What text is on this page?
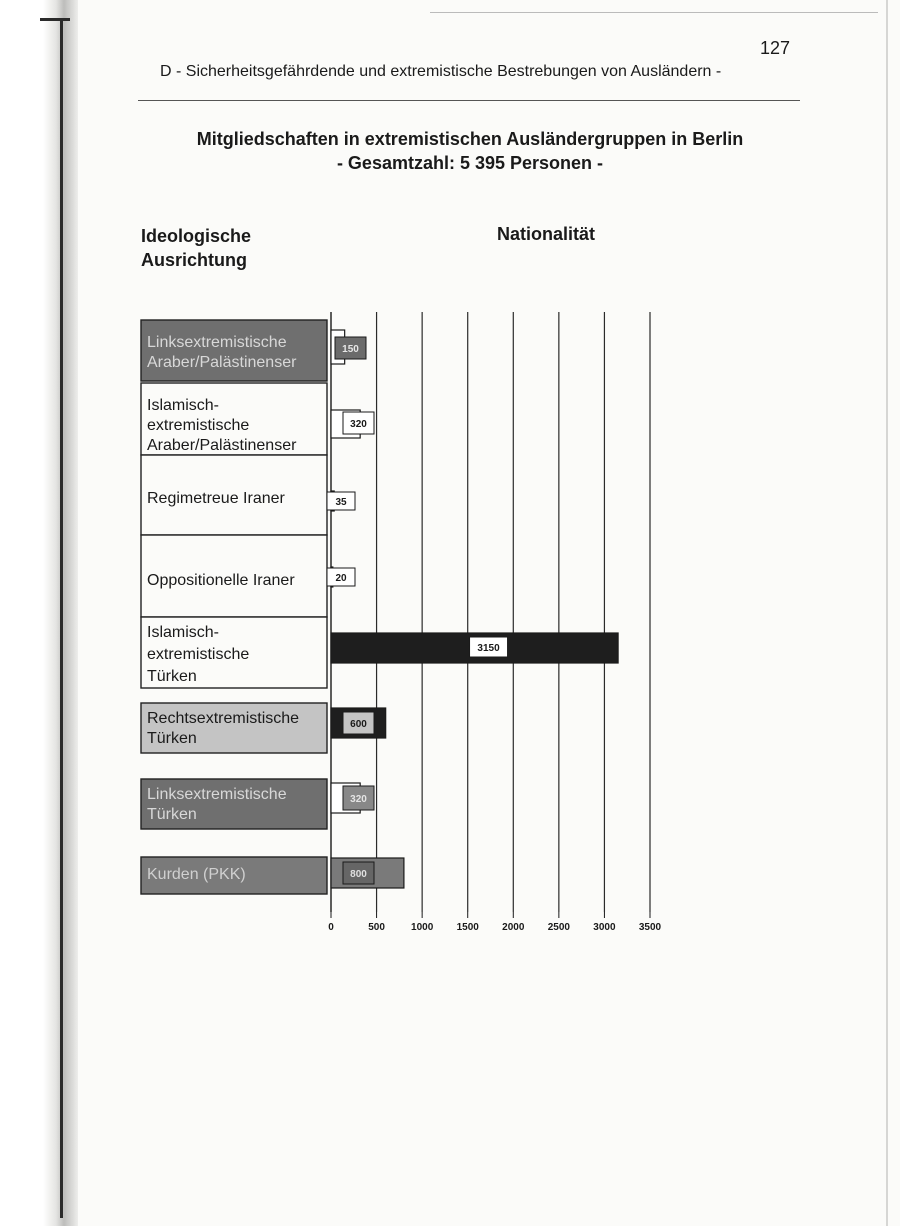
127
D - Sicherheitsgefährdende und extremistische Bestrebungen von Ausländern -
Mitgliedschaften in extremistischen Ausländergruppen in Berlin
- Gesamtzahl: 5 395 Personen -
Ideologische
Ausrichtung
Nationalität
0	500	1000 1500 2000 2500 3000 3500
Linksextremistische
Araber/Palästinenser
Islamisch-
extremistische
Araber/Palästinenser
Regimetreue Iraner
Oppositionelle Iraner
Islamisch-
extremistische
Türken
Rechtsextremistische
Türken
Linksextremistische
Türken
Kurden (PKK)
150
320
35
20
3150
600
320
800
